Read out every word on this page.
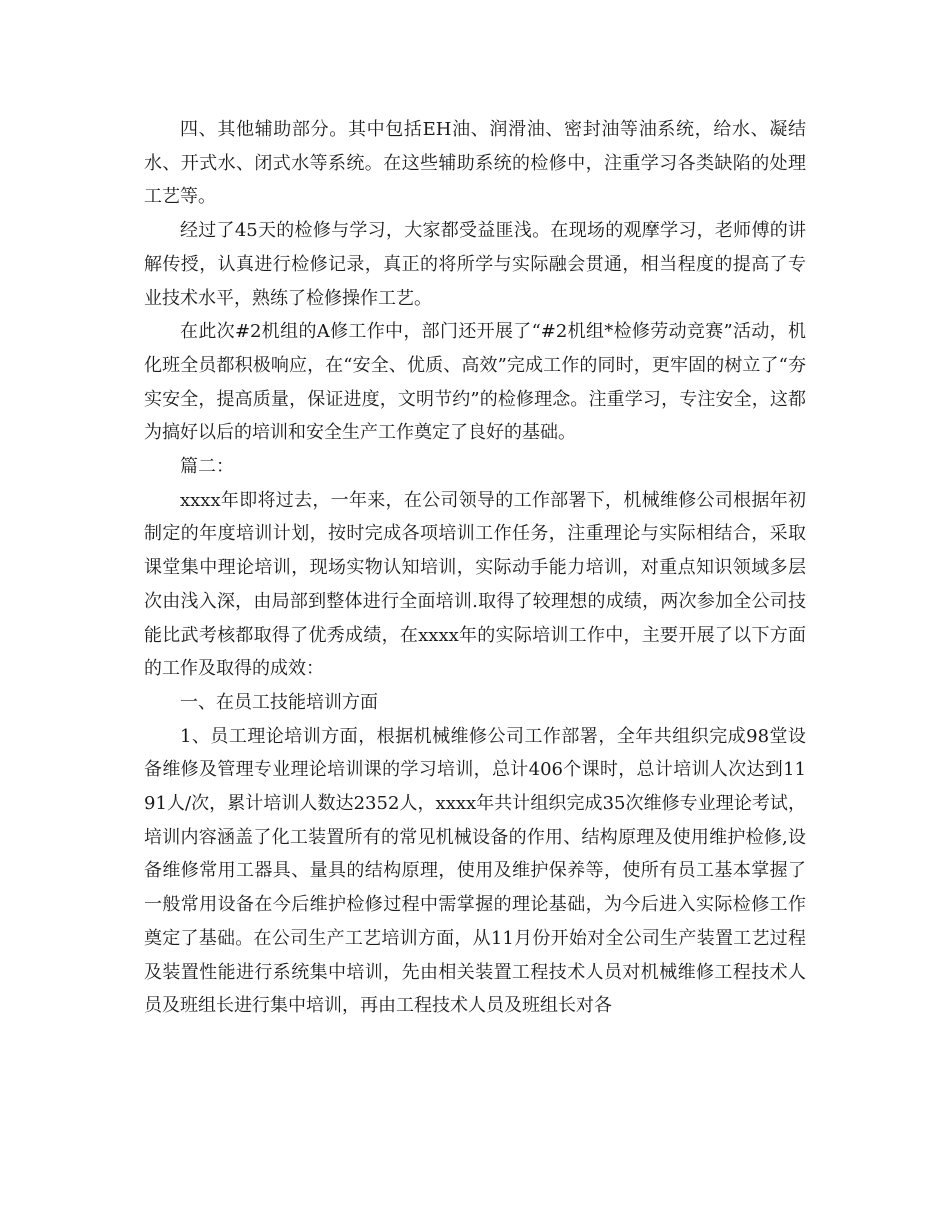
四、其他辅助部分。其中包括EH油、润滑油、密封油等油系统，给水、凝结水、开式水、闭式水等系统。在这些辅助系统的检修中，注重学习各类缺陷的处理工艺等。

经过了45天的检修与学习，大家都受益匪浅。在现场的观摩学习，老师傅的讲解传授，认真进行检修记录，真正的将所学与实际融会贯通，相当程度的提高了专业技术水平，熟练了检修操作工艺。

在此次#2机组的A修工作中，部门还开展了“#2机组*检修劳动竞赛”活动，机化班全员都积极响应，在“安全、优质、高效”完成工作的同时，更牢固的树立了“夯实安全，提高质量，保证进度，文明节约”的检修理念。注重学习，专注安全，这都为搞好以后的培训和安全生产工作奠定了良好的基础。

篇二：

xxxx年即将过去，一年来，在公司领导的工作部署下，机械维修公司根据年初制定的年度培训计划，按时完成各项培训工作任务，注重理论与实际相结合，采取课堂集中理论培训，现场实物认知培训，实际动手能力培训，对重点知识领域多层次由浅入深，由局部到整体进行全面培训.取得了较理想的成绩，两次参加全公司技能比武考核都取得了优秀成绩，在xxxx年的实际培训工作中，主要开展了以下方面的工作及取得的成效：

一、在员工技能培训方面

1、员工理论培训方面，根据机械维修公司工作部署，全年共组织完成98堂设备维修及管理专业理论培训课的学习培训，总计406个课时，总计培训人次达到1191人/次，累计培训人数达2352人，xxxx年共计组织完成35次维修专业理论考试，培训内容涵盖了化工装置所有的常见机械设备的作用、结构原理及使用维护检修,设备维修常用工器具、量具的结构原理，使用及维护保养等，使所有员工基本掌握了一般常用设备在今后维护检修过程中需掌握的理论基础，为今后进入实际检修工作奠定了基础。在公司生产工艺培训方面，从11月份开始对全公司生产装置工艺过程及装置性能进行系统集中培训，先由相关装置工程技术人员对机械维修工程技术人员及班组长进行集中培训，再由工程技术人员及班组长对各
